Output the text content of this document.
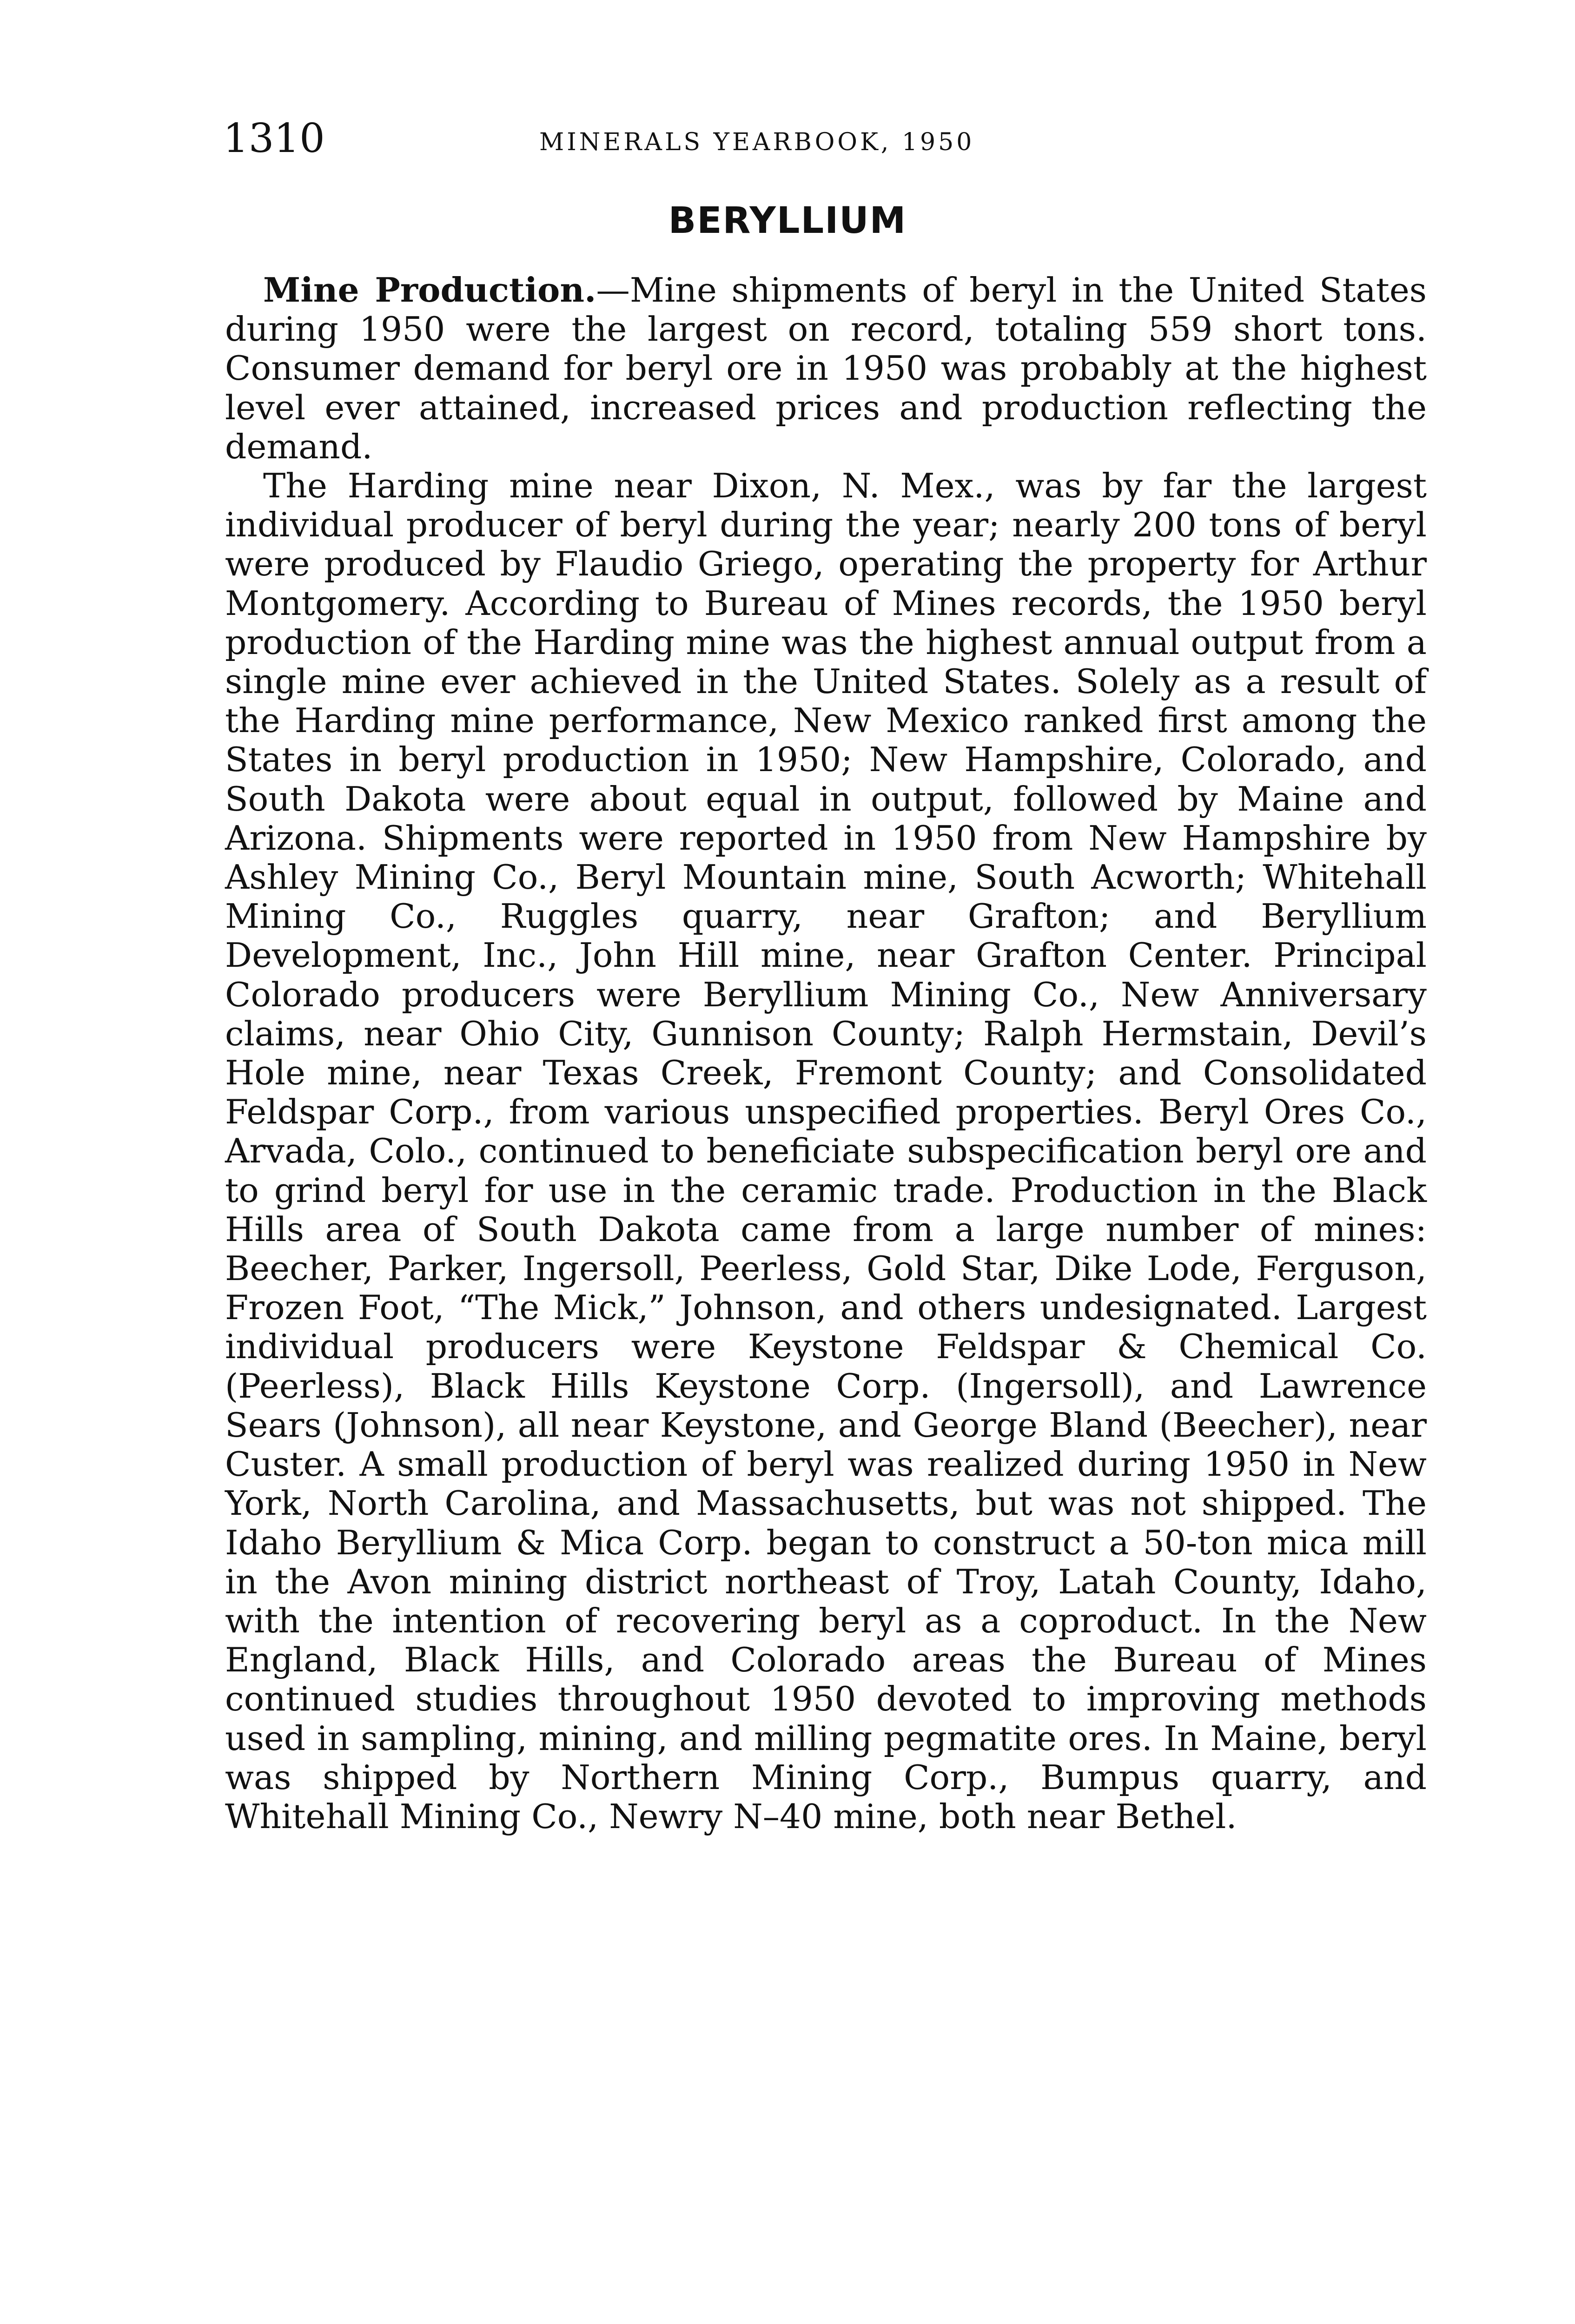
1310	MINERALS YEARBOOK, 1950
BERYLLIUM

Mine Production.—Mine shipments of beryl in the United States during 1950 were the largest on record, totaling 559 short tons. Consumer demand for beryl ore in 1950 was probably at the highest level ever attained, increased prices and production reflecting the demand.

The Harding mine near Dixon, N. Mex., was by far the largest individual producer of beryl during the year; nearly 200 tons of beryl were produced by Flaudio Griego, operating the property for Arthur Montgomery. According to Bureau of Mines records, the 1950 beryl production of the Harding mine was the highest annual output from a single mine ever achieved in the United States. Solely as a result of the Harding mine performance, New Mexico ranked first among the States in beryl production in 1950; New Hampshire, Colorado, and South Dakota were about equal in output, followed by Maine and Arizona. Shipments were reported in 1950 from New Hampshire by Ashley Mining Co., Beryl Mountain mine, South Acworth; Whitehall Mining Co., Ruggles quarry, near Grafton; and Beryllium Development, Inc., John Hill mine, near Grafton Center. Principal Colorado producers were Beryllium Mining Co., New Anniversary claims, near Ohio City, Gunnison County; Ralph Hermstain, Devil’s Hole mine, near Texas Creek, Fremont County; and Consolidated Feldspar Corp., from various unspecified properties. Beryl Ores Co., Arvada, Colo., continued to beneficiate subspecification beryl ore and to grind beryl for use in the ceramic trade. Production in the Black Hills area of South Dakota came from a large number of mines: Beecher, Parker, Ingersoll, Peerless, Gold Star, Dike Lode, Ferguson, Frozen Foot, “The Mick,” Johnson, and others undesignated. Largest individual producers were Keystone Feldspar & Chemical Co. (Peerless), Black Hills Keystone Corp. (Ingersoll), and Lawrence Sears (Johnson), all near Keystone, and George Bland (Beecher), near Custer. A small production of beryl was realized during 1950 in New York, North Carolina, and Massachusetts, but was not shipped. The Idaho Beryllium & Mica Corp. began to construct a 50-ton mica mill in the Avon mining district northeast of Troy, Latah County, Idaho, with the intention of recovering beryl as a coproduct. In the New England, Black Hills, and Colorado areas the Bureau of Mines continued studies throughout 1950 devoted to improving methods used in sampling, mining, and milling pegmatite ores. In Maine, beryl was shipped by Northern Mining Corp., Bumpus quarry, and Whitehall Mining Co., Newry N–40 mine, both near Bethel.
